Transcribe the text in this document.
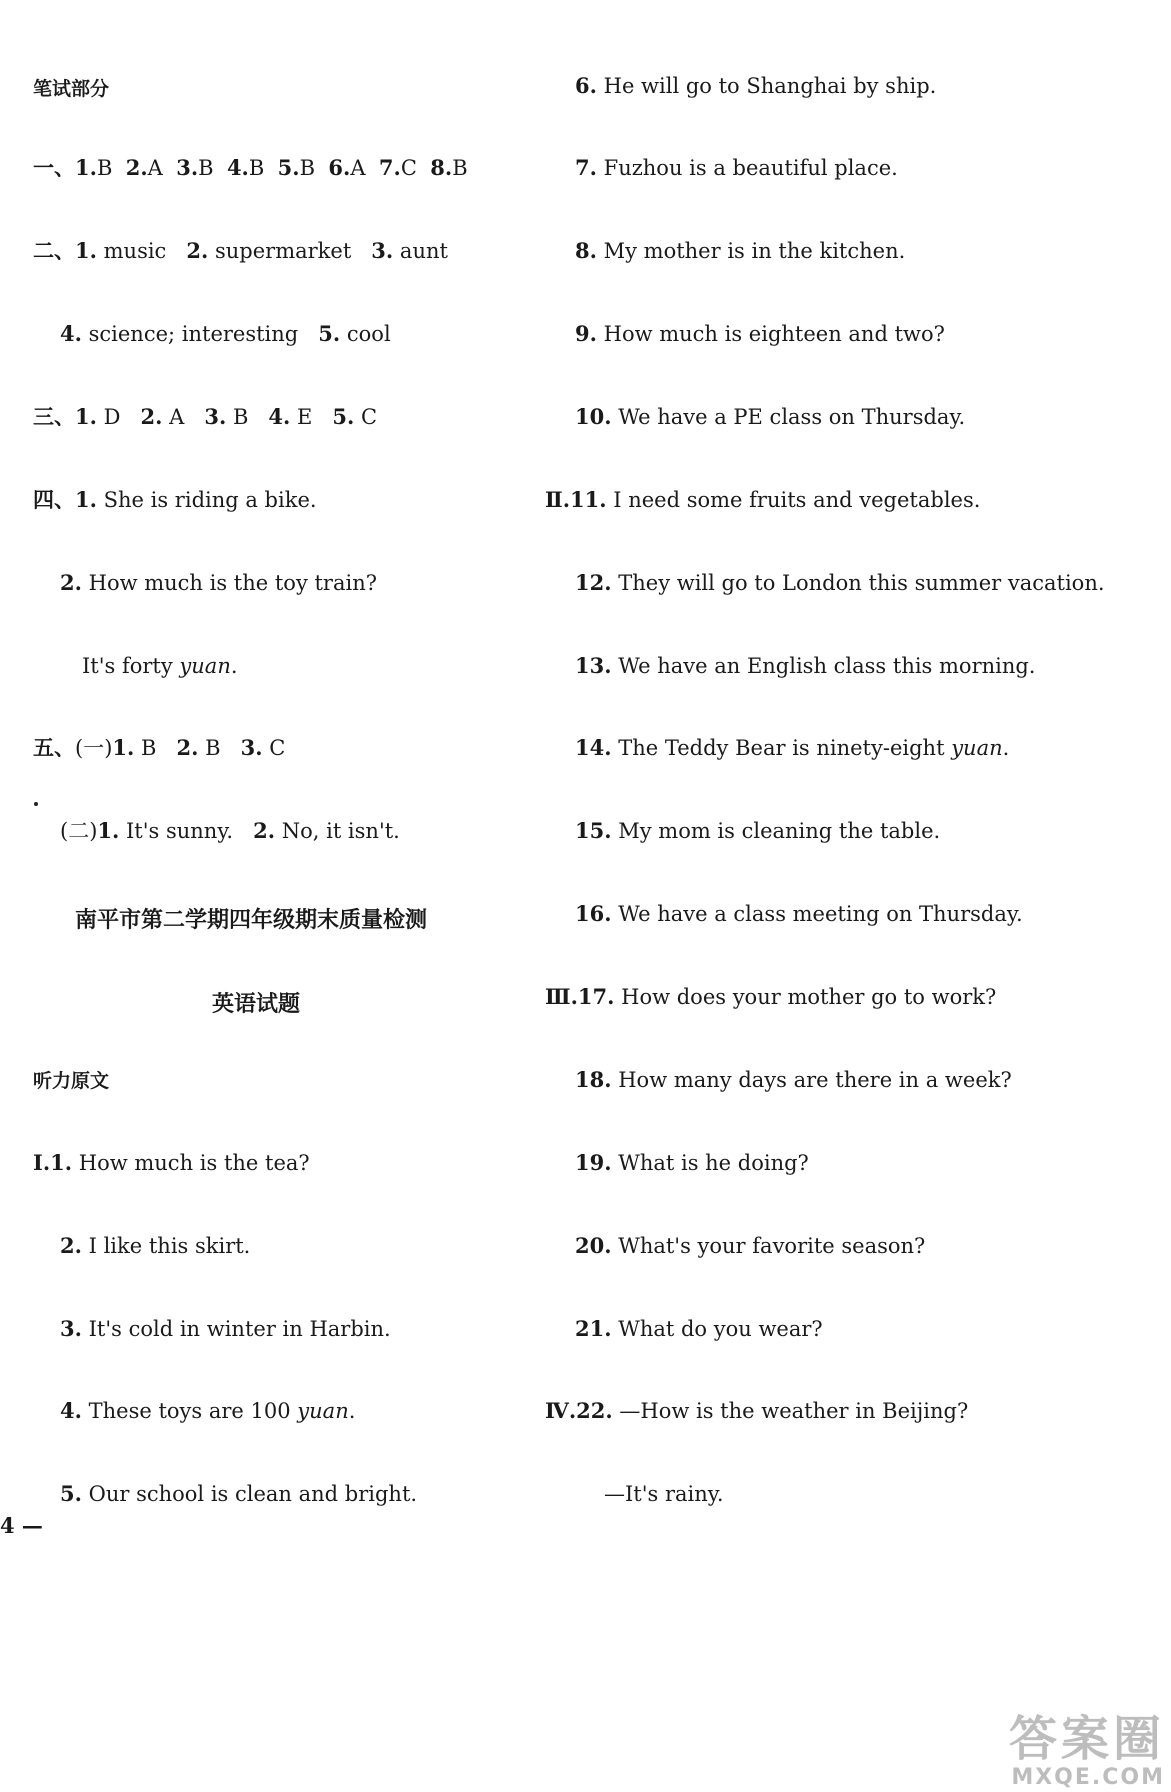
笔试部分
一、1.B 2.A 3.B 4.B 5.B 6.A 7.C 8.B
二、1. music 2. supermarket 3. aunt
4. science; interesting 5. cool
三、1. D 2. A 3. B 4. E 5. C
四、1. She is riding a bike.
2. How much is the toy train?
It's forty yuan.
五、(一)1. B 2. B 3. C
(二)1. It's sunny. 2. No, it isn't.
南平市第二学期四年级期末质量检测
英语试题
听力原文
Ⅰ.1. How much is the tea?
2. I like this skirt.
3. It's cold in winter in Harbin.
4. These toys are 100 yuan.
5. Our school is clean and bright.
4 —
6. He will go to Shanghai by ship.
7. Fuzhou is a beautiful place.
8. My mother is in the kitchen.
9. How much is eighteen and two?
10. We have a PE class on Thursday.
Ⅱ.11. I need some fruits and vegetables.
12. They will go to London this summer vacation.
13. We have an English class this morning.
14. The Teddy Bear is ninety-eight yuan.
15. My mom is cleaning the table.
16. We have a class meeting on Thursday.
Ⅲ.17. How does your mother go to work?
18. How many days are there in a week?
19. What is he doing?
20. What's your favorite season?
21. What do you wear?
Ⅳ.22. —How is the weather in Beijing?
—It's rainy.
答案圈
MXQE.COM
